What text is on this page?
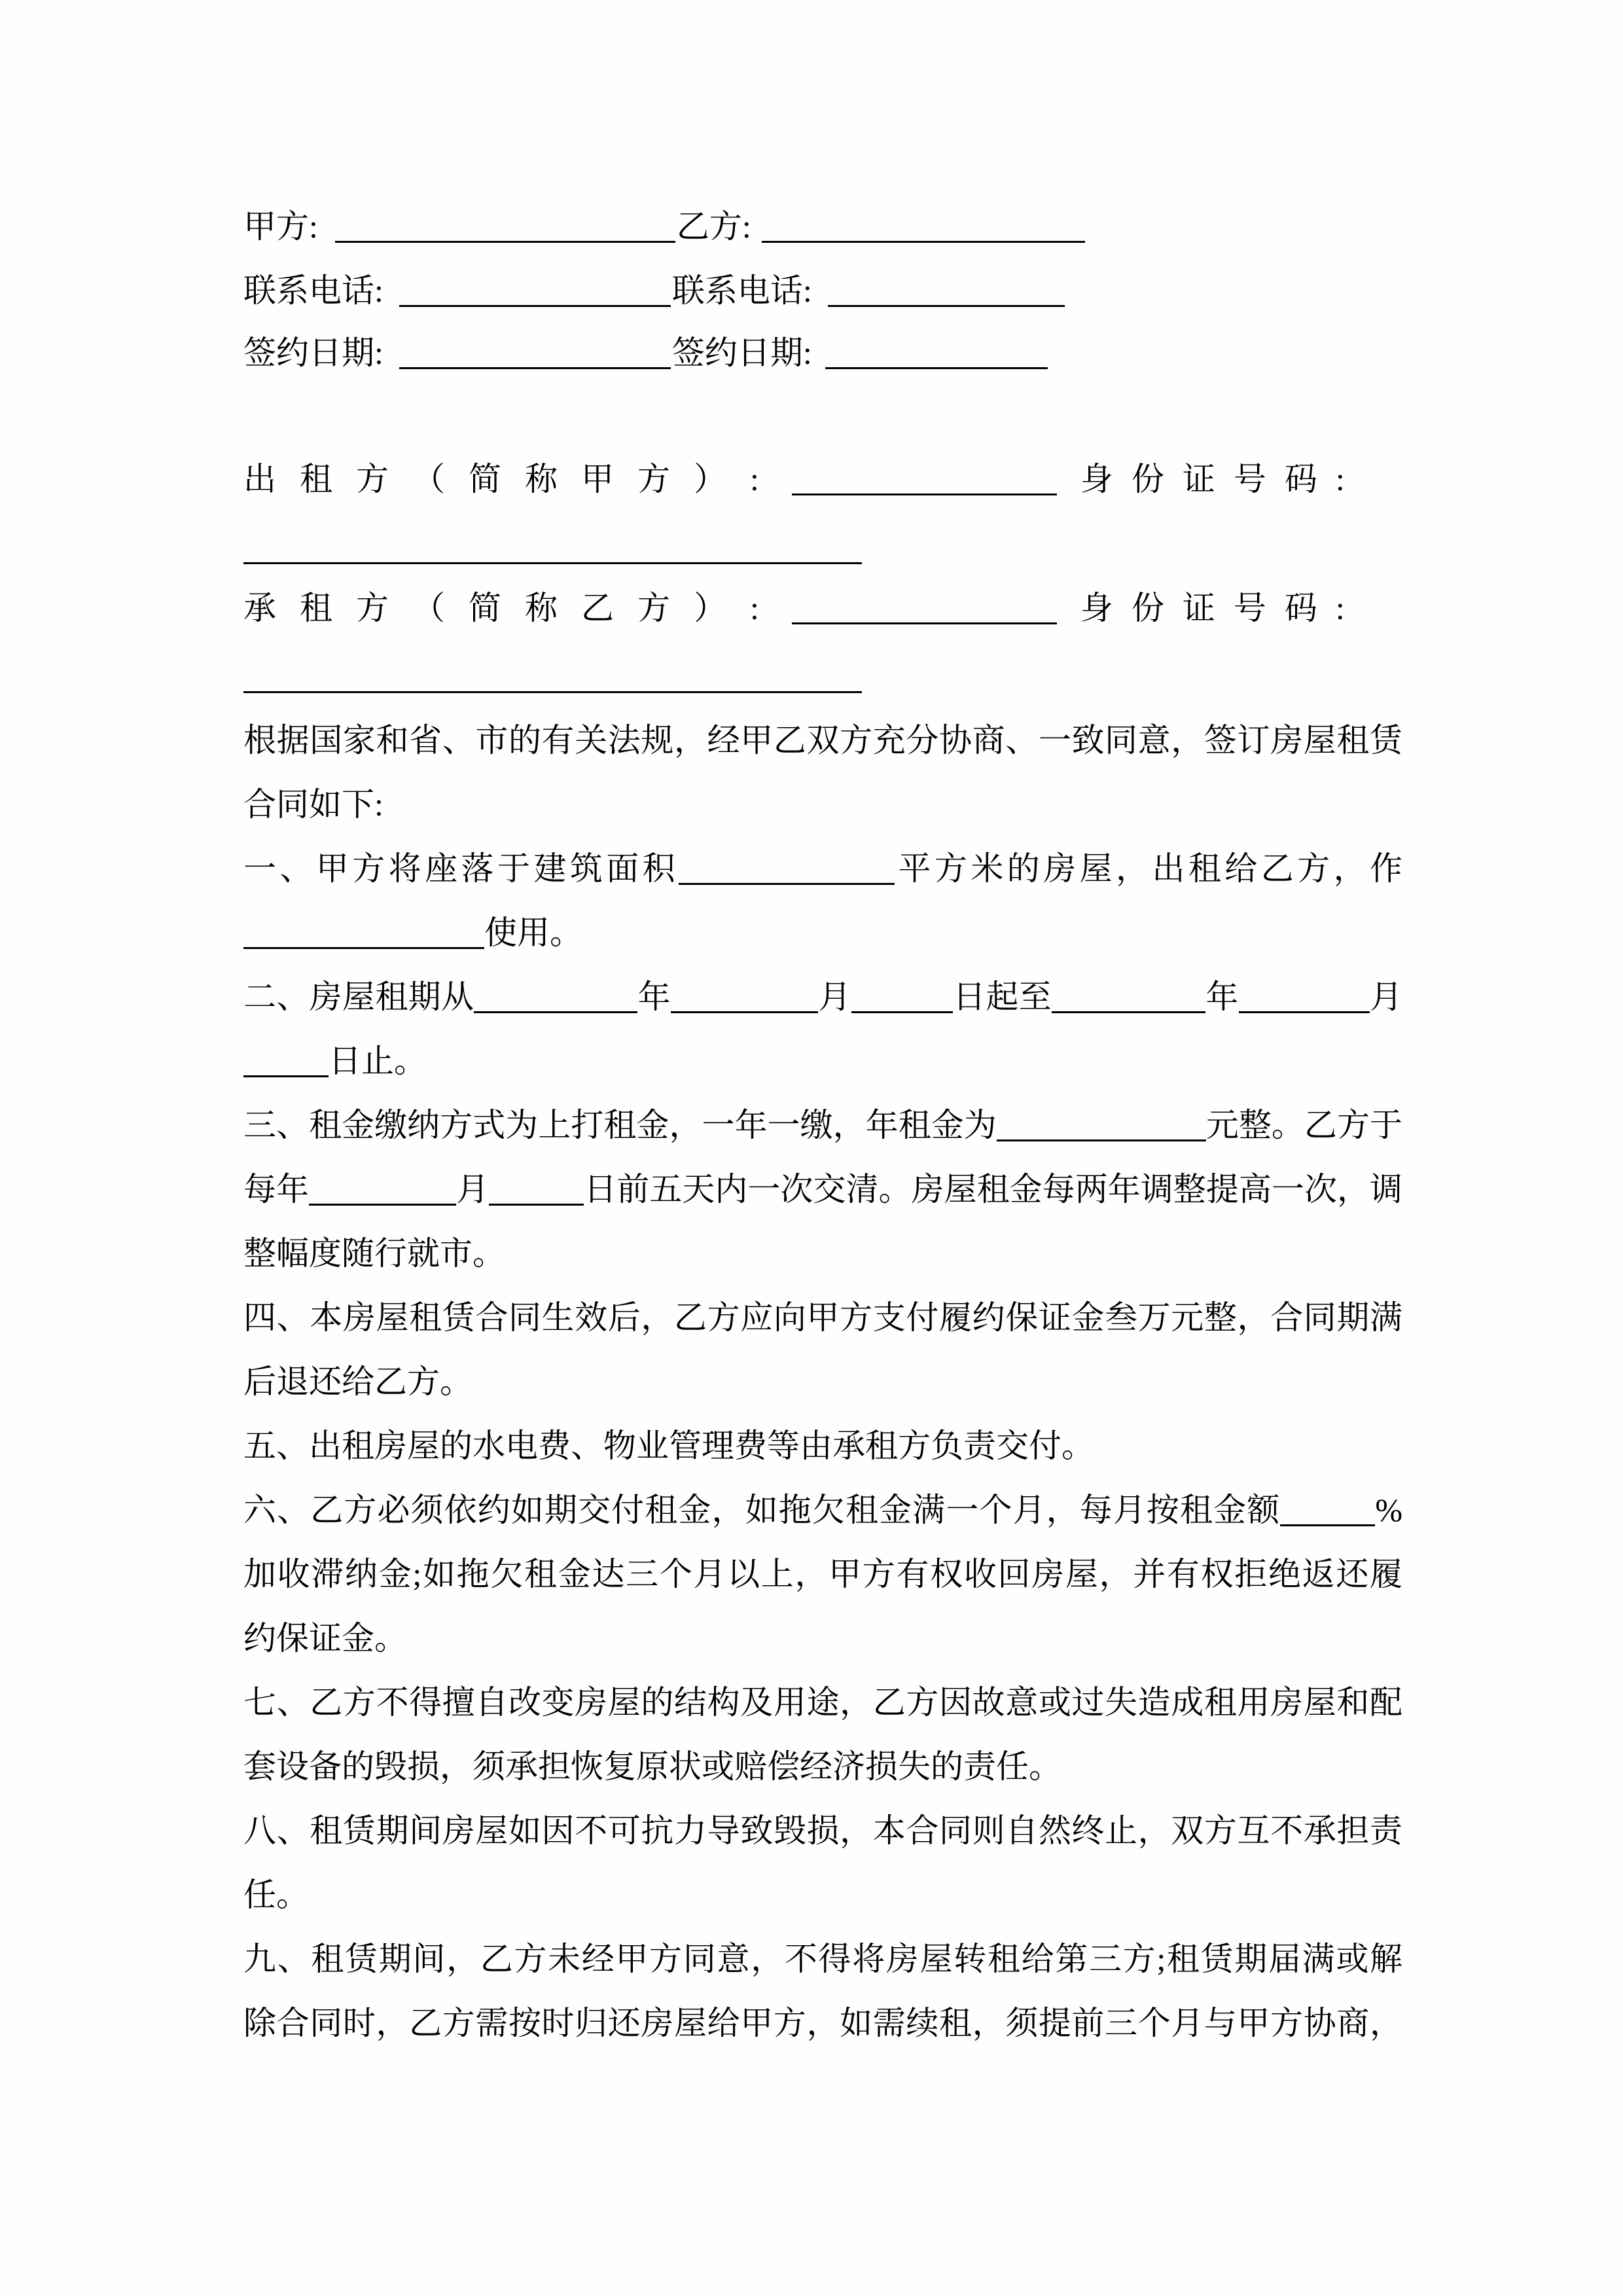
甲方:	乙方:
联系电话:	联系电话:
签约日期:	签约日期:
出租方（简称甲方）:	身份证号码:
承租方（简称乙方）:	身份证号码:
根据国家和省、市的有关法规，经甲乙双方充分协商、一致同意，签订房屋租赁
合同如下:
一、甲方将座落于建筑面积	平方米的房屋，出租给乙方，作
使用。
二、房屋租期从	年	月	日起至	年	月
日止。
三、租金缴纳方式为上打租金，一年一缴，年租金为	元整。乙方于
每年	月	日前五天内一次交清。房屋租金每两年调整提高一次，调
整幅度随行就市。
四、本房屋租赁合同生效后，乙方应向甲方支付履约保证金叁万元整，合同期满
后退还给乙方。
五、出租房屋的水电费、物业管理费等由承租方负责交付。
六、乙方必须依约如期交付租金，如拖欠租金满一个月，每月按租金额	%
加收滞纳金;如拖欠租金达三个月以上，甲方有权收回房屋，并有权拒绝返还履
约保证金。
七、乙方不得擅自改变房屋的结构及用途，乙方因故意或过失造成租用房屋和配
套设备的毁损，须承担恢复原状或赔偿经济损失的责任。
八、租赁期间房屋如因不可抗力导致毁损，本合同则自然终止，双方互不承担责
任。
九、租赁期间，乙方未经甲方同意，不得将房屋转租给第三方;租赁期届满或解
除合同时，乙方需按时归还房屋给甲方，如需续租，须提前三个月与甲方协商，
